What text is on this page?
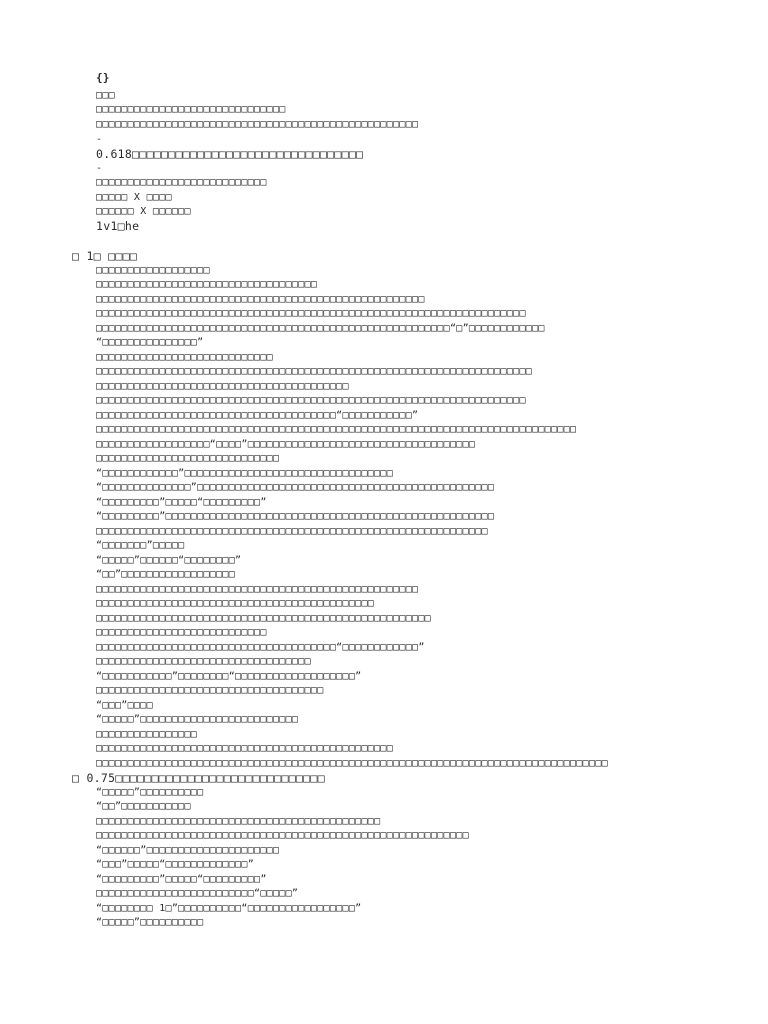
{}
□□□
□□□□□□□□□□□□□□□□□□□□□□□□□□□□□□
□□□□□□□□□□□□□□□□□□□□□□□□□□□□□□□□□□□□□□□□□□□□□□□□□□□
-
0.618□□□□□□□□□□□□□□□□□□□□□□□□□□□□□□□□
-
□□□□□□□□□□□□□□□□□□□□□□□□□□□
□□□□□ X □□□□
□□□□□□ X □□□□□□
1v1□he
□ 1□ □□□□
□□□□□□□□□□□□□□□□□□
□□□□□□□□□□□□□□□□□□□□□□□□□□□□□□□□□□□
□□□□□□□□□□□□□□□□□□□□□□□□□□□□□□□□□□□□□□□□□□□□□□□□□□□□
□□□□□□□□□□□□□□□□□□□□□□□□□□□□□□□□□□□□□□□□□□□□□□□□□□□□□□□□□□□□□□□□□□□□
□□□□□□□□□□□□□□□□□□□□□□□□□□□□□□□□□□□□□□□□□□□□□□□□□□□□□□□□“□”□□□□□□□□□□□□
“□□□□□□□□□□□□□□□”
□□□□□□□□□□□□□□□□□□□□□□□□□□□□
□□□□□□□□□□□□□□□□□□□□□□□□□□□□□□□□□□□□□□□□□□□□□□□□□□□□□□□□□□□□□□□□□□□□□
□□□□□□□□□□□□□□□□□□□□□□□□□□□□□□□□□□□□□□□□
□□□□□□□□□□□□□□□□□□□□□□□□□□□□□□□□□□□□□□□□□□□□□□□□□□□□□□□□□□□□□□□□□□□□
□□□□□□□□□□□□□□□□□□□□□□□□□□□□□□□□□□□□□□“□□□□□□□□□□□”
□□□□□□□□□□□□□□□□□□□□□□□□□□□□□□□□□□□□□□□□□□□□□□□□□□□□□□□□□□□□□□□□□□□□□□□□□□□□
□□□□□□□□□□□□□□□□□□“□□□□”□□□□□□□□□□□□□□□□□□□□□□□□□□□□□□□□□□□□
□□□□□□□□□□□□□□□□□□□□□□□□□□□□□
“□□□□□□□□□□□□”□□□□□□□□□□□□□□□□□□□□□□□□□□□□□□□□□
“□□□□□□□□□□□□□□”□□□□□□□□□□□□□□□□□□□□□□□□□□□□□□□□□□□□□□□□□□□□□□□
“□□□□□□□□□”□□□□□“□□□□□□□□□”
“□□□□□□□□□”□□□□□□□□□□□□□□□□□□□□□□□□□□□□□□□□□□□□□□□□□□□□□□□□□□□□
□□□□□□□□□□□□□□□□□□□□□□□□□□□□□□□□□□□□□□□□□□□□□□□□□□□□□□□□□□□□□□
“□□□□□□□”□□□□□
“□□□□□”□□□□□□“□□□□□□□□”
“□□”□□□□□□□□□□□□□□□□□□
□□□□□□□□□□□□□□□□□□□□□□□□□□□□□□□□□□□□□□□□□□□□□□□□□□□
□□□□□□□□□□□□□□□□□□□□□□□□□□□□□□□□□□□□□□□□□□□□
□□□□□□□□□□□□□□□□□□□□□□□□□□□□□□□□□□□□□□□□□□□□□□□□□□□□□
□□□□□□□□□□□□□□□□□□□□□□□□□□□
□□□□□□□□□□□□□□□□□□□□□□□□□□□□□□□□□□□□□□“□□□□□□□□□□□□”
□□□□□□□□□□□□□□□□□□□□□□□□□□□□□□□□□□
“□□□□□□□□□□□”□□□□□□□□“□□□□□□□□□□□□□□□□□□□”
□□□□□□□□□□□□□□□□□□□□□□□□□□□□□□□□□□□□
“□□□”□□□□
“□□□□□”□□□□□□□□□□□□□□□□□□□□□□□□□
□□□□□□□□□□□□□□□□
□□□□□□□□□□□□□□□□□□□□□□□□□□□□□□□□□□□□□□□□□□□□□□□
□□□□□□□□□□□□□□□□□□□□□□□□□□□□□□□□□□□□□□□□□□□□□□□□□□□□□□□□□□□□□□□□□□□□□□□□□□□□□□□□□
□ 0.75□□□□□□□□□□□□□□□□□□□□□□□□□□□□□
“□□□□□”□□□□□□□□□□
“□□”□□□□□□□□□□□
□□□□□□□□□□□□□□□□□□□□□□□□□□□□□□□□□□□□□□□□□□□□□
□□□□□□□□□□□□□□□□□□□□□□□□□□□□□□□□□□□□□□□□□□□□□□□□□□□□□□□□□□□
“□□□□□□”□□□□□□□□□□□□□□□□□□□□□
“□□□”□□□□□“□□□□□□□□□□□□□”
“□□□□□□□□□”□□□□□“□□□□□□□□□”
□□□□□□□□□□□□□□□□□□□□□□□□□“□□□□□”
“□□□□□□□□ 1□”□□□□□□□□□□“□□□□□□□□□□□□□□□□□”
“□□□□□”□□□□□□□□□□
